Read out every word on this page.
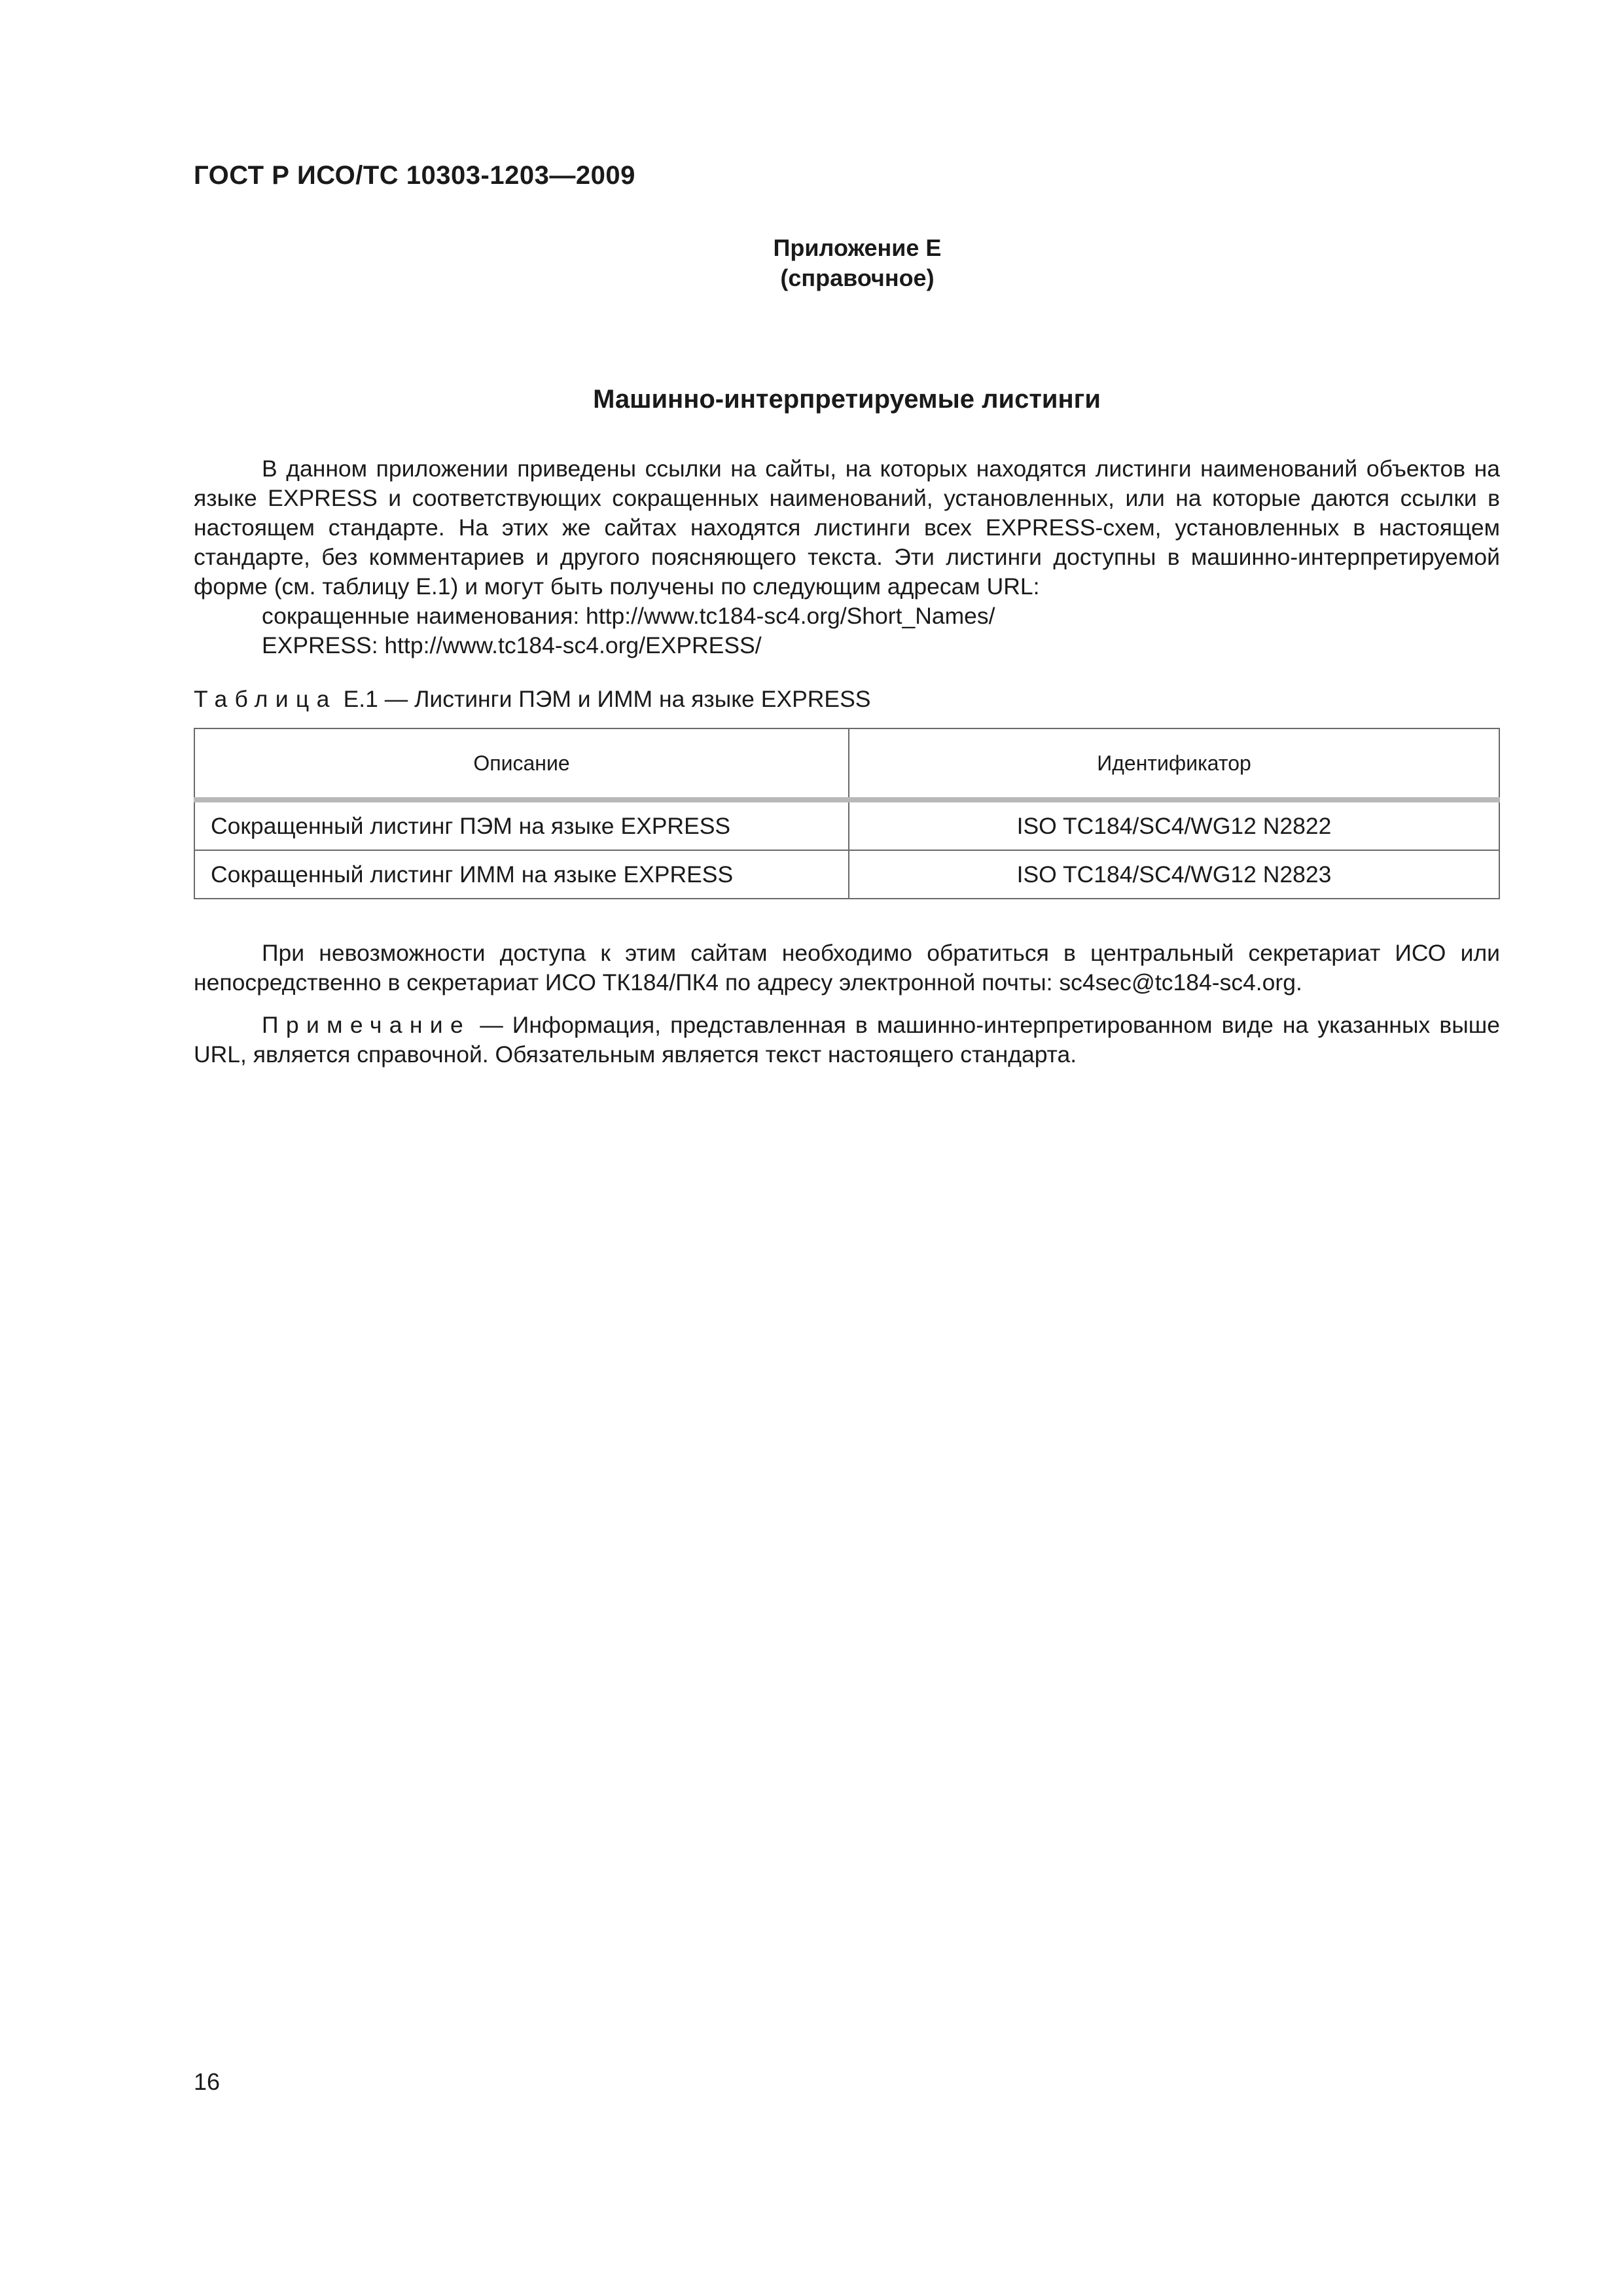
ГОСТ Р ИСО/ТС 10303-1203—2009
Приложение Е
(справочное)
Машинно-интерпретируемые листинги

В данном приложении приведены ссылки на сайты, на которых находятся листинги наименований объектов на языке EXPRESS и соответствующих сокращенных наименований, установленных, или на которые даются ссылки в настоящем стандарте. На этих же сайтах находятся листинги всех EXPRESS-схем, установленных в настоящем стандарте, без комментариев и другого поясняющего текста. Эти листинги доступны в машинно-интерпретируемой форме (см. таблицу Е.1) и могут быть получены по следующим адресам URL:

сокращенные наименования: http://www.tc184-sc4.org/Short_Names/
EXPRESS: http://www.tc184-sc4.org/EXPRESS/
Таблица Е.1 — Листинги ПЭМ и ИММ на языке EXPRESS
Описание	Идентификатор
Сокращенный листинг ПЭМ на языке EXPRESS	ISO TC184/SC4/WG12 N2822
Сокращенный листинг ИММ на языке EXPRESS	ISO TC184/SC4/WG12 N2823

При невозможности доступа к этим сайтам необходимо обратиться в центральный секретариат ИСО или непосредственно в секретариат ИСО ТК184/ПК4 по адресу электронной почты: sc4sec@tc184-sc4.org.

Примечание — Информация, представленная в машинно-интерпретированном виде на указанных выше URL, является справочной. Обязательным является текст настоящего стандарта.

16
